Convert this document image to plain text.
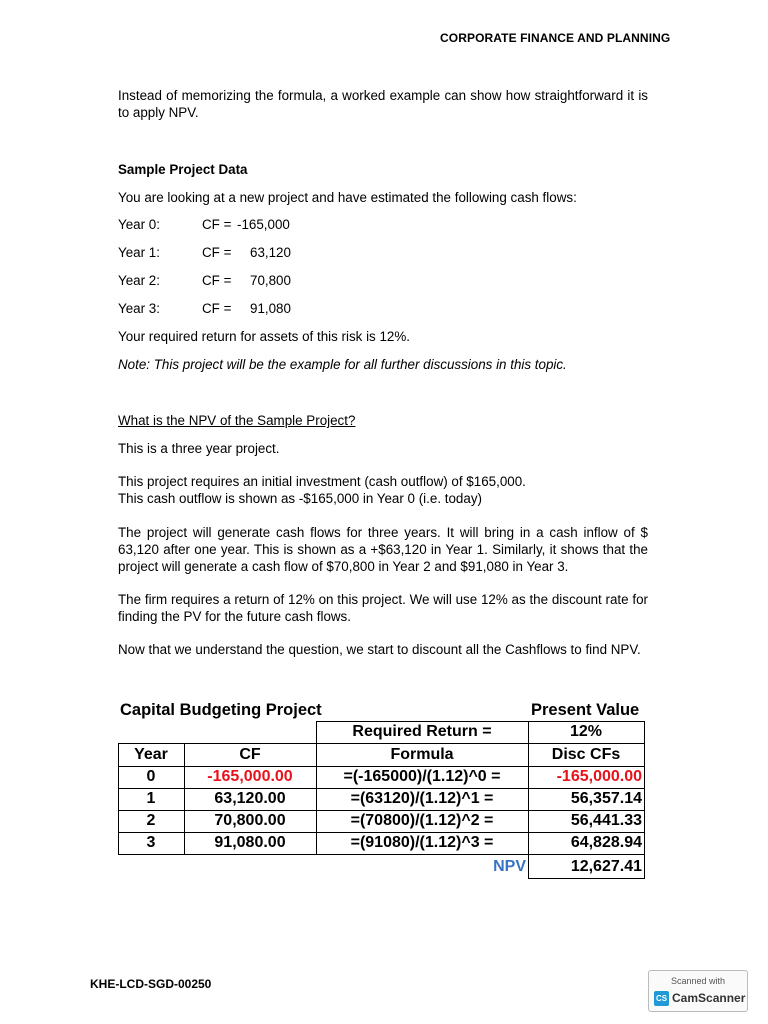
CORPORATE FINANCE AND PLANNING
Instead of memorizing the formula, a worked example can show how straightforward it is to apply NPV.
Sample Project Data
You are looking at a new project and have estimated the following cash flows:
Year 0:	CF = -165,000
Year 1:	CF = 63,120
Year 2:	CF = 70,800
Year 3:	CF = 91,080
Your required return for assets of this risk is 12%.
Note: This project will be the example for all further discussions in this topic.
What is the NPV of the Sample Project?
This is a three year project.
This project requires an initial investment (cash outflow) of $165,000.
This cash outflow is shown as -$165,000 in Year 0 (i.e. today)
The project will generate cash flows for three years. It will bring in a cash inflow of $ 63,120 after one year. This is shown as a +$63,120 in Year 1. Similarly, it shows that the project will generate a cash flow of $70,800 in Year 2 and $91,080 in Year 3.
The firm requires a return of 12% on this project. We will use 12% as the discount rate for finding the PV for the future cash flows.
Now that we understand the question, we start to discount all the Cashflows to find NPV.
Capital Budgeting Project	Present Value
Required Return =	12%
Year	CF	Formula	Disc CFs
0	-165,000.00	=(-165000)/(1.12)^0 =	-165,000.00
1	63,120.00	=(63120)/(1.12)^1 =	56,357.14
2	70,800.00	=(70800)/(1.12)^2 =	56,441.33
3	91,080.00	=(91080)/(1.12)^3 =	64,828.94
NPV	12,627.41
KHE-LCD-SGD-00250	Scanned with
CS CamScanner
